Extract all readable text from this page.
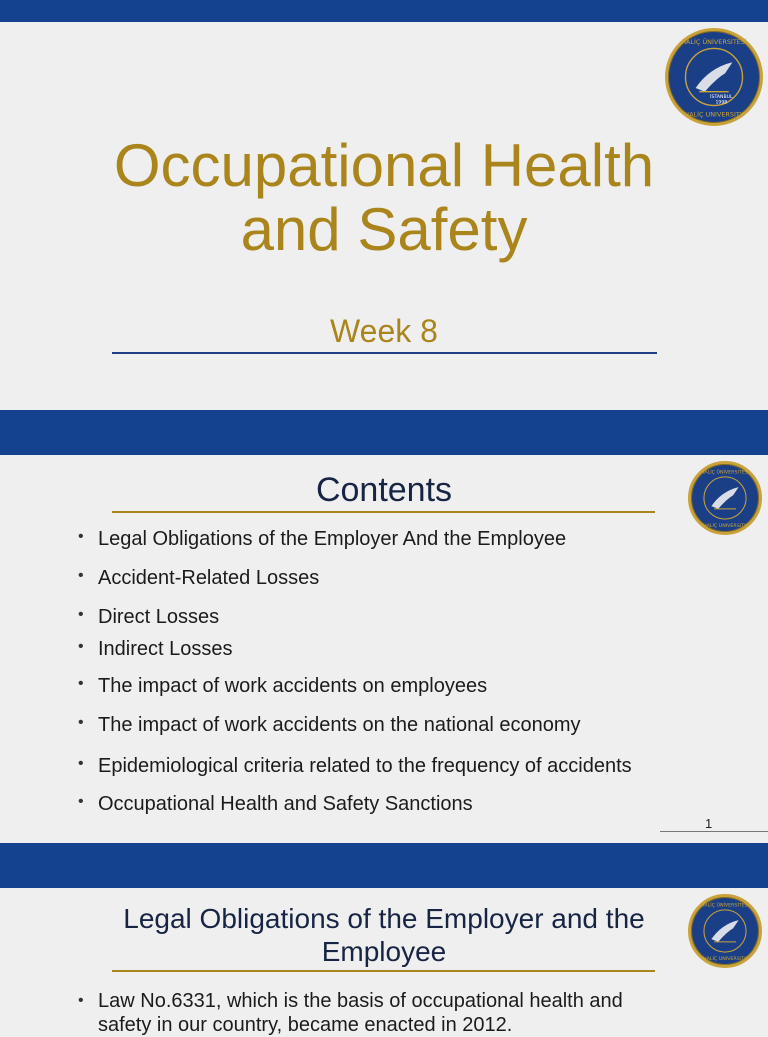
HALİÇ ÜNİVERSİTESİ
HALİÇ UNIVERSITY
İSTANBUL
1998
Occupational Health
and Safety
Week 8
HALİÇ ÜNİVERSİTESİ
HALİÇ UNIVERSITY
Contents
• Legal Obligations of the Employer And the Employee
• Accident-Related Losses
• Direct Losses
• Indirect Losses
• The impact of work accidents on employees
• The impact of work accidents on the national economy
• Epidemiological criteria related to the frequency of accidents
• Occupational Health and Safety Sanctions
1
HALİÇ ÜNİVERSİTESİ
HALİÇ UNIVERSITY
Legal Obligations of the Employer and the
Employee
• Law No.6331, which is the basis of occupational health and
safety in our country, became enacted in 2012.
